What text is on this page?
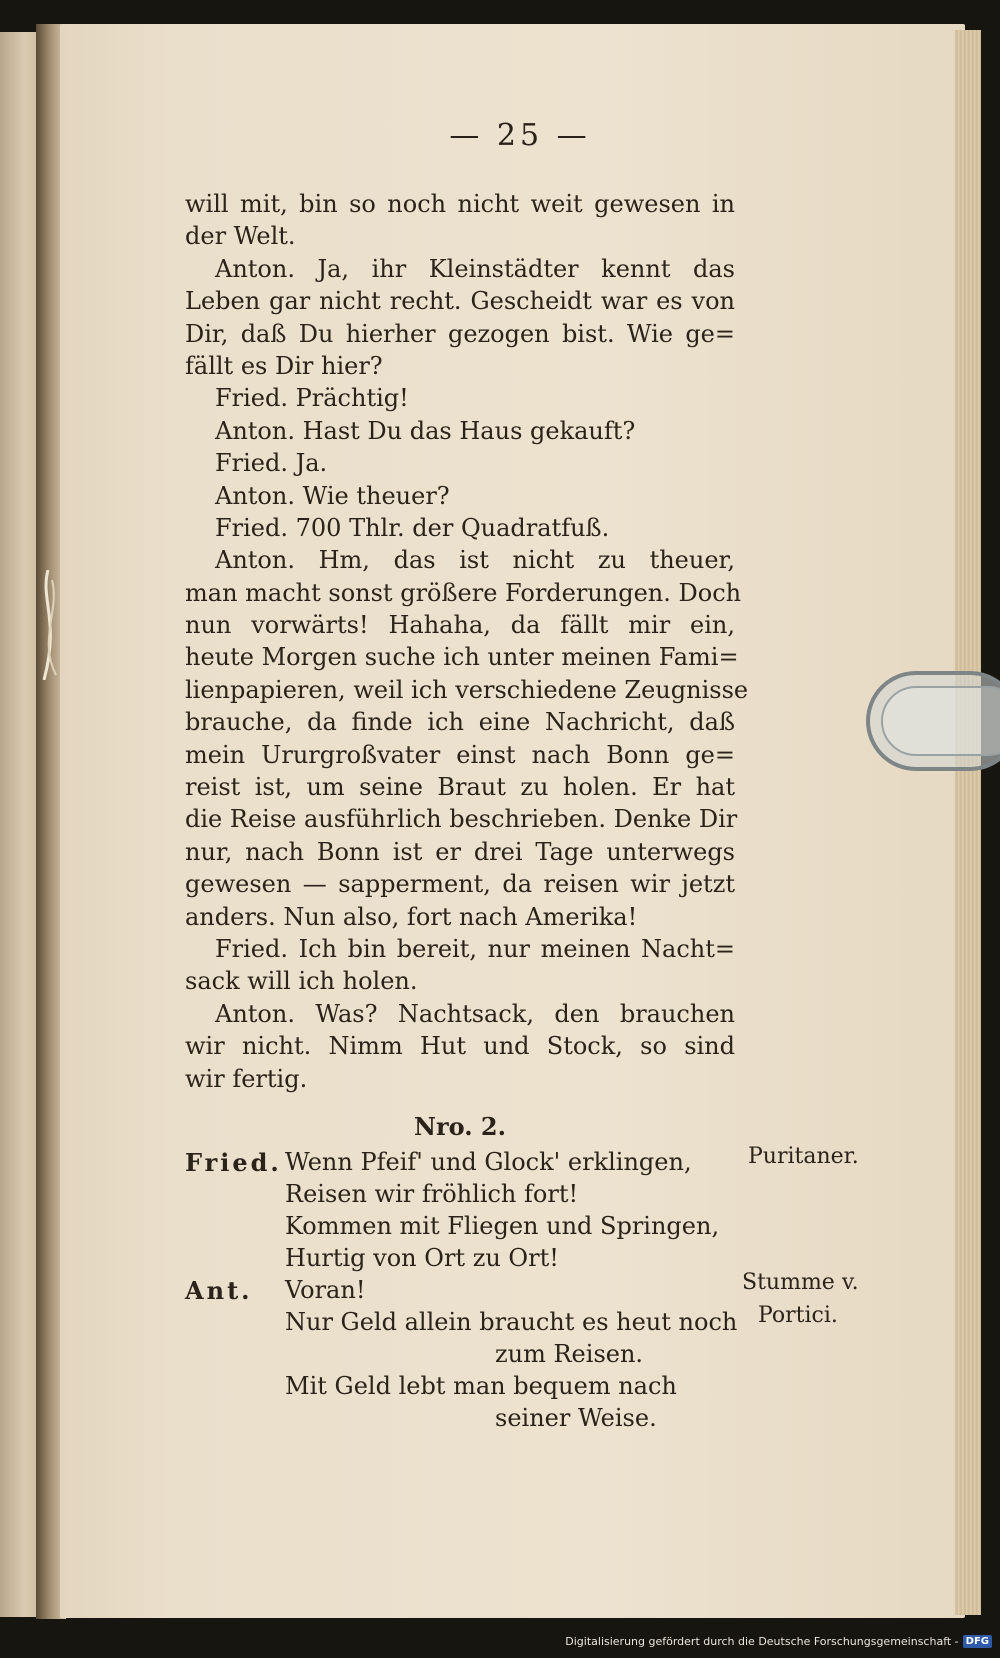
— 25 —
will mit, bin so noch nicht weit gewesen in
der Welt.
Anton. Ja, ihr Kleinstädter kennt das
Leben gar nicht recht. Gescheidt war es von
Dir, daß Du hierher gezogen bist. Wie ge=
fällt es Dir hier?
Fried. Prächtig!
Anton. Hast Du das Haus gekauft?
Fried. Ja.
Anton. Wie theuer?
Fried. 700 Thlr. der Quadratfuß.
Anton. Hm, das ist nicht zu theuer,
man macht sonst größere Forderungen. Doch
nun vorwärts! Hahaha, da fällt mir ein,
heute Morgen suche ich unter meinen Fami=
lienpapieren, weil ich verschiedene Zeugnisse
brauche, da finde ich eine Nachricht, daß
mein Ururgroßvater einst nach Bonn ge=
reist ist, um seine Braut zu holen. Er hat
die Reise ausführlich beschrieben. Denke Dir
nur, nach Bonn ist er drei Tage unterwegs
gewesen — sapperment, da reisen wir jetzt
anders. Nun also, fort nach Amerika!
Fried. Ich bin bereit, nur meinen Nacht=
sack will ich holen.
Anton. Was? Nachtsack, den brauchen
wir nicht. Nimm Hut und Stock, so sind
wir fertig.
Nro. 2.
Fried. Wenn Pfeif' und Glock' erklingen,
Reisen wir fröhlich fort!
Kommen mit Fliegen und Springen,
Hurtig von Ort zu Ort!
Ant. Voran!
Nur Geld allein braucht es heut noch
zum Reisen.
Mit Geld lebt man bequem nach
seiner Weise.
Puritaner.
Stumme v.
Portici.
Digitalisierung gefördert durch die Deutsche Forschungsgemeinschaft - DFG
